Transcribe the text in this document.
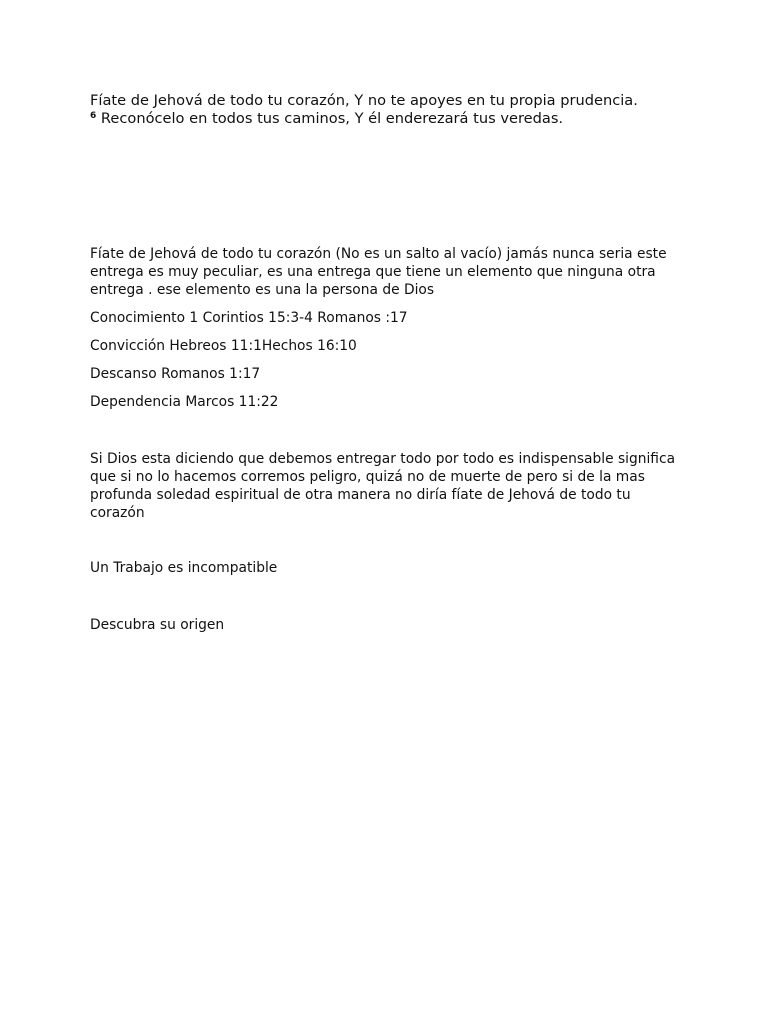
Fíate de Jehová de todo tu corazón, Y no te apoyes en tu propia prudencia.
$^6$ Reconócelo en todos tus caminos, Y él enderezará tus veredas.

Fíate de Jehová de todo tu corazón (No es un salto al vacío) jamás nunca seria este entrega es muy peculiar, es una entrega que tiene un elemento que ninguna otra entrega . ese elemento es una la persona de Dios

Conocimiento 1 Corintios 15:3-4 Romanos :17

Convicción Hebreos 11:1Hechos 16:10

Descanso Romanos 1:17

Dependencia Marcos 11:22

Si Dios esta diciendo que debemos entregar todo por todo es indispensable significa que si no lo hacemos corremos peligro, quizá no de muerte de pero si de la mas profunda soledad espiritual de otra manera no diría fíate de Jehová de todo tu corazón

Un Trabajo es incompatible

Descubra su origen
